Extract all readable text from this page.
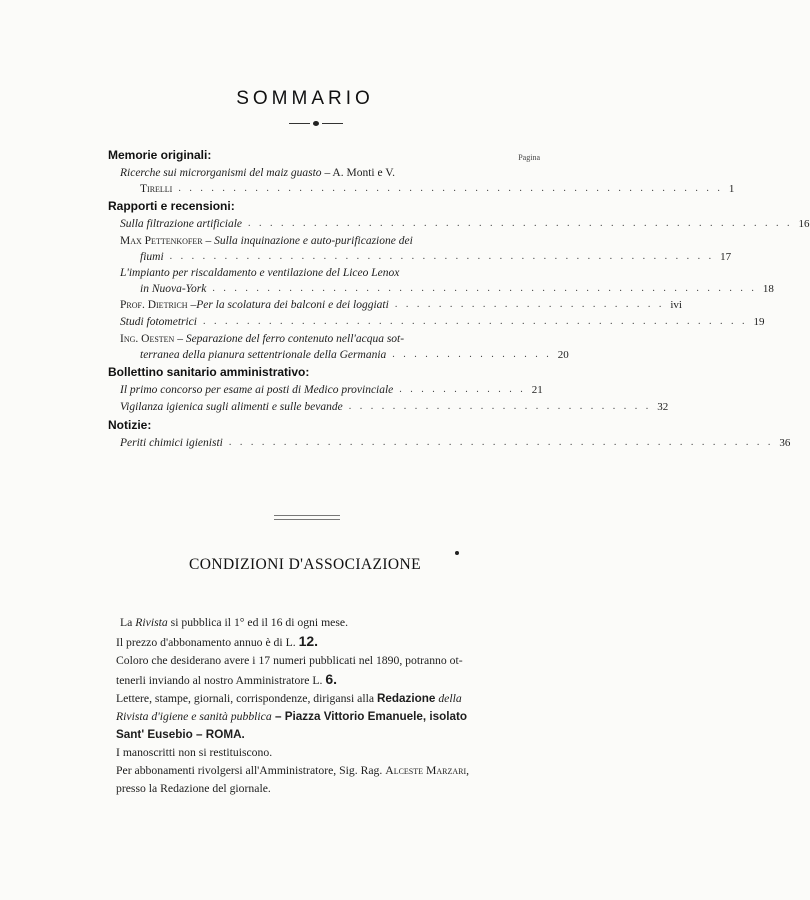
SOMMARIO
Memorie originali:	Pagina
Ricerche sui microrganismi del maiz guasto – A. Monti e V.
Tirelli . . . . . . . . . . . . . . . . . . . . . . . . . . . . . . . . . . . . . . . . . . . . . . . . . . 1
Rapporti e recensioni:
Sulla filtrazione artificiale . . . . . . . . . . . . . . . . . . . . . . . . . . . . . . . . . . . . . . . . . . . . . . . . . . 16
Max Pettenkofer – Sulla inquinazione e auto-purificazione dei
fiumi . . . . . . . . . . . . . . . . . . . . . . . . . . . . . . . . . . . . . . . . . . . . . . . . . . 17
L'impianto per riscaldamento e ventilazione del Liceo Lenox
in Nuova-York . . . . . . . . . . . . . . . . . . . . . . . . . . . . . . . . . . . . . . . . . . . . . . . . . . 18
Prof. Dietrich – Per la scolatura dei balconi e dei loggiati . . . . . . . . . . . . . . . . . . . . . . . . . ivi
Studi fotometrici . . . . . . . . . . . . . . . . . . . . . . . . . . . . . . . . . . . . . . . . . . . . . . . . . . 19
Ing. Oesten – Separazione del ferro contenuto nell'acqua sot-
terranea della pianura settentrionale della Germania . . . . . . . . . . . . . . . 20
Bollettino sanitario amministrativo:
Il primo concorso per esame ai posti di Medico provinciale . . . . . . . . . . . . 21
Vigilanza igienica sugli alimenti e sulle bevande . . . . . . . . . . . . . . . . . . . . . . . . . . . . 32
Notizie:
Periti chimici igienisti . . . . . . . . . . . . . . . . . . . . . . . . . . . . . . . . . . . . . . . . . . . . . . . . . . 36
CONDIZIONI D'ASSOCIAZIONE
La Rivista si pubblica il 1° ed il 16 di ogni mese.
Il prezzo d'abbonamento annuo è di L. 12.
Coloro che desiderano avere i 17 numeri pubblicati nel 1890, potranno ot-
tenerli inviando al nostro Amministratore L. 6.
Lettere, stampe, giornali, corrispondenze, dirigansi alla Redazione della
Rivista d'igiene e sanità pubblica – Piazza Vittorio Emanuele, isolato
Sant' Eusebio – ROMA.
I manoscritti non si restituiscono.
Per abbonamenti rivolgersi all'Amministratore, Sig. Rag. Alceste Marzari,
presso la Redazione del giornale.
